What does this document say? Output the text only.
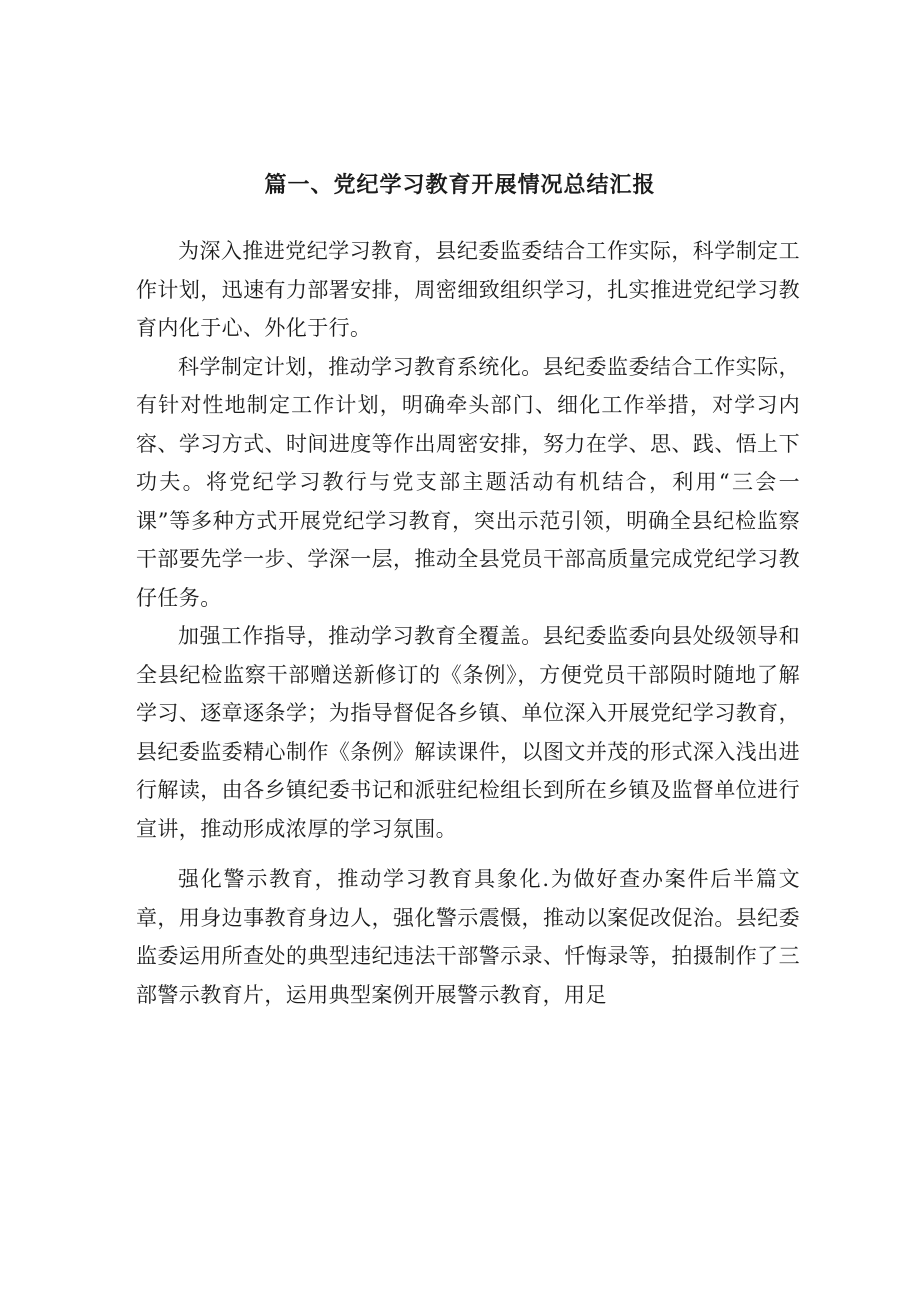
篇一、党纪学习教育开展情况总结汇报

为深入推进党纪学习教育，县纪委监委结合工作实际，科学制定工作计划，迅速有力部署安排，周密细致组织学习，扎实推进党纪学习教育内化于心、外化于行。

科学制定计划，推动学习教育系统化。县纪委监委结合工作实际，有针对性地制定工作计划，明确牵头部门、细化工作举措，对学习内容、学习方式、时间进度等作出周密安排，努力在学、思、践、悟上下功夫。将党纪学习教行与党支部主题活动有机结合，利用“三会一课”等多种方式开展党纪学习教育，突出示范引领，明确全县纪检监察干部要先学一步、学深一层，推动全县党员干部高质量完成党纪学习教仔任务。

加强工作指导，推动学习教育全覆盖。县纪委监委向县处级领导和全县纪检监察干部赠送新修订的《条例》，方便党员干部陨时随地了解学习、逐章逐条学；为指导督促各乡镇、单位深入开展党纪学习教育，县纪委监委精心制作《条例》解读课件，以图文并茂的形式深入浅出进行解读，由各乡镇纪委书记和派驻纪检组长到所在乡镇及监督单位进行宣讲，推动形成浓厚的学习氛围。

强化警示教育，推动学习教育具象化.为做好查办案件后半篇文章，用身边事教育身边人，强化警示震慑，推动以案促改促治。县纪委监委运用所查处的典型违纪违法干部警示录、忏悔录等，拍摄制作了三部警示教育片，运用典型案例开展警示教育，用足
